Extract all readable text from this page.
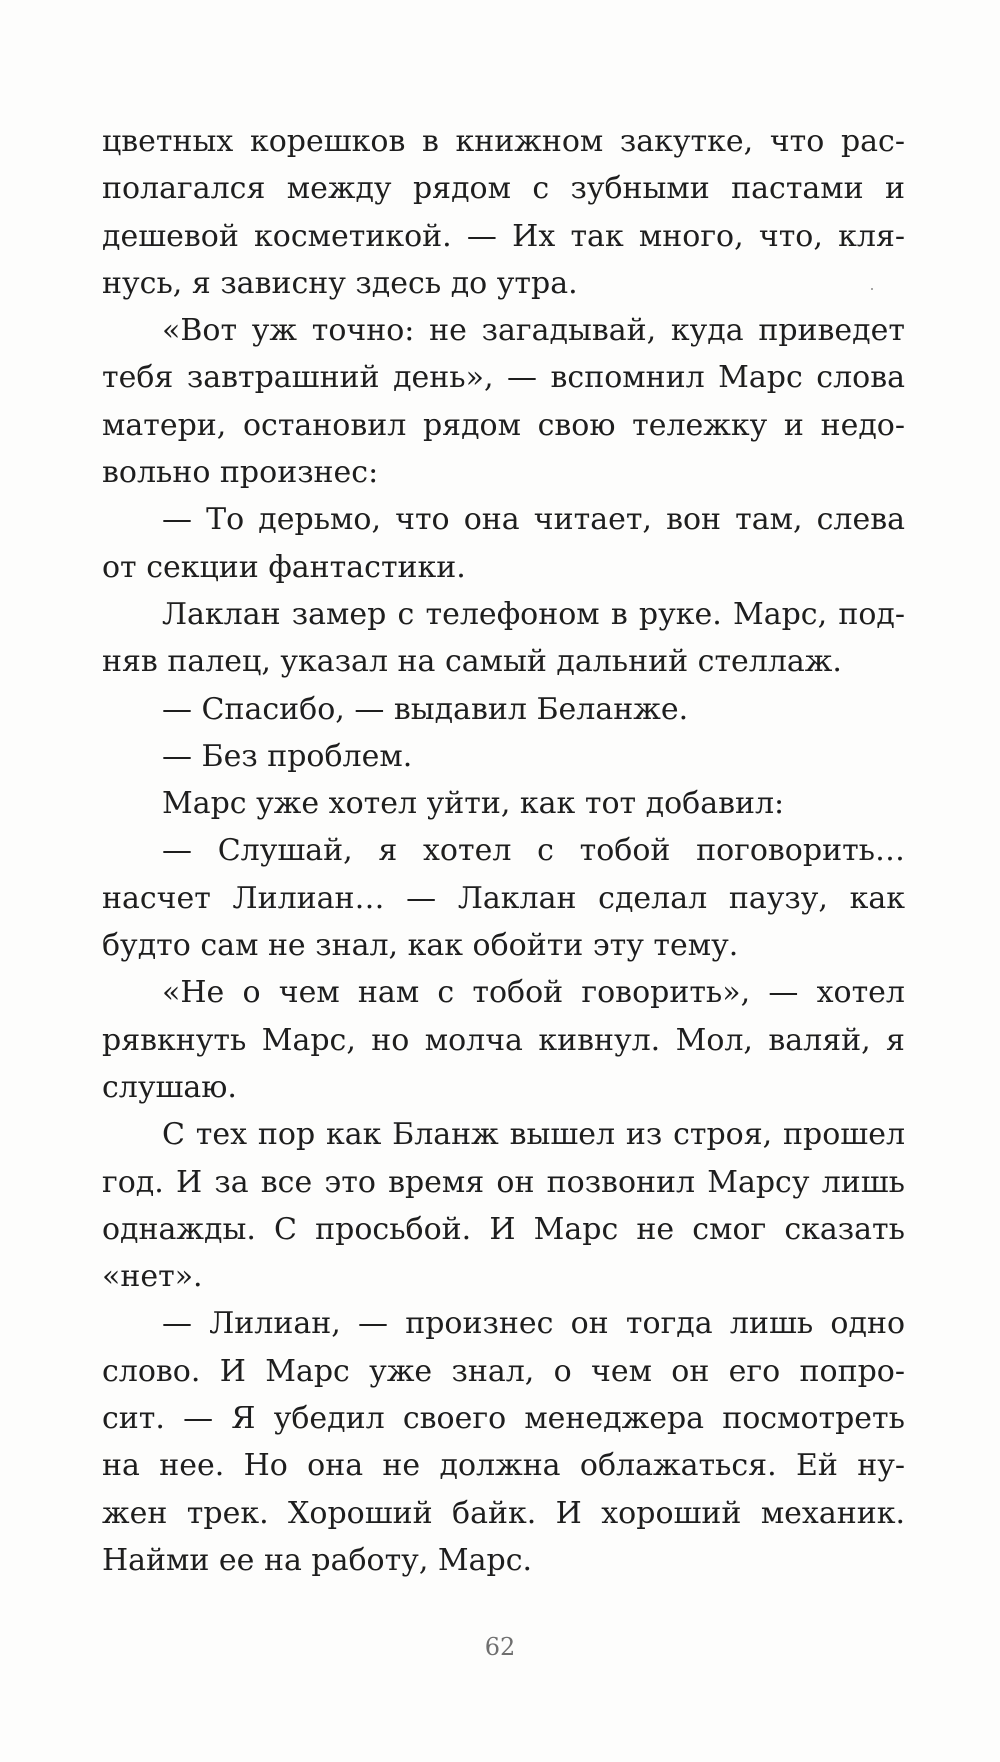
цветных корешков в книжном закутке, что рас-
полагался между рядом с зубными пастами и
дешевой косметикой. — Их так много, что, кля-
нусь, я зависну здесь до утра.
«Вот уж точно: не загадывай, куда приведет
тебя завтрашний день», — вспомнил Марс слова
матери, остановил рядом свою тележку и недо-
вольно произнес:
— То дерьмо, что она читает, вон там, слева
от секции фантастики.
Лаклан замер с телефоном в руке. Марс, под-
няв палец, указал на самый дальний стеллаж.
— Спасибо, — выдавил Беланже.
— Без проблем.
Марс уже хотел уйти, как тот добавил:
— Слушай, я хотел с тобой поговорить…
насчет Лилиан… — Лаклан сделал паузу, как
будто сам не знал, как обойти эту тему.
«Не о чем нам с тобой говорить», — хотел
рявкнуть Марс, но молча кивнул. Мол, валяй, я
слушаю.
С тех пор как Бланж вышел из строя, прошел
год. И за все это время он позвонил Марсу лишь
однажды. С просьбой. И Марс не смог сказать
«нет».
— Лилиан, — произнес он тогда лишь одно
слово. И Марс уже знал, о чем он его попро-
сит. — Я убедил своего менеджера посмотреть
на нее. Но она не должна облажаться. Ей ну-
жен трек. Хороший байк. И хороший механик.
Найми ее на работу, Марс.
62
